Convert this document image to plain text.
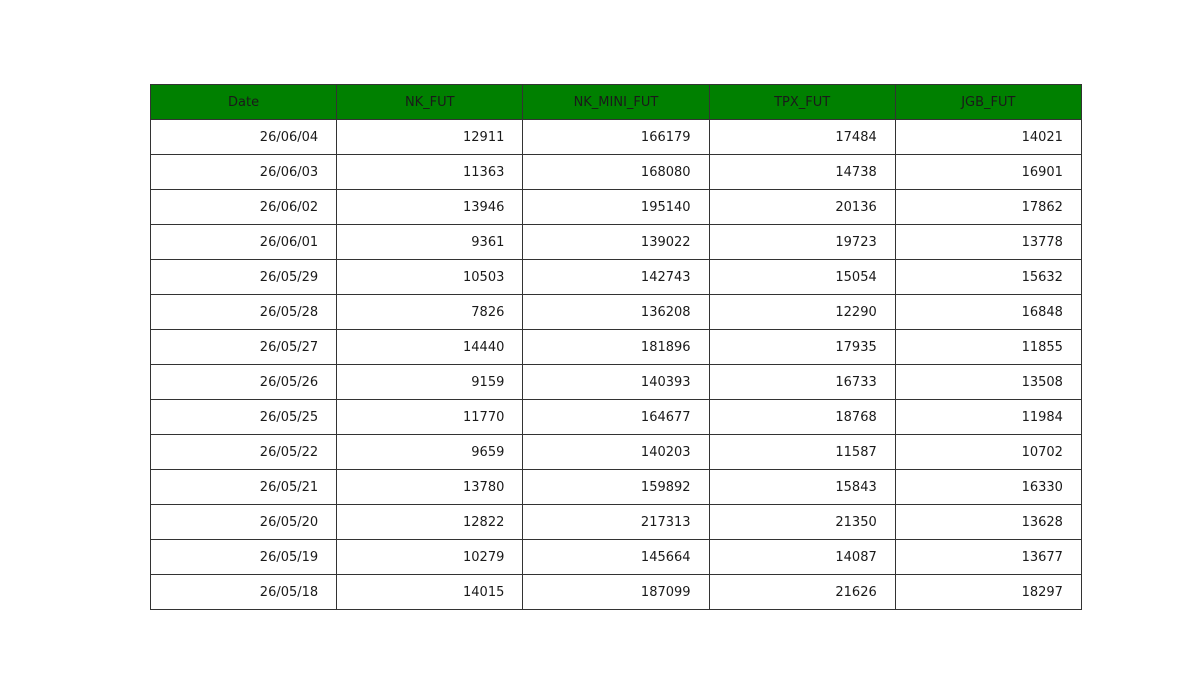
Date	NK_FUT	NK_MINI_FUT	TPX_FUT	JGB_FUT
26/06/04	12911	166179	17484	14021
26/06/03	11363	168080	14738	16901
26/06/02	13946	195140	20136	17862
26/06/01	9361	139022	19723	13778
26/05/29	10503	142743	15054	15632
26/05/28	7826	136208	12290	16848
26/05/27	14440	181896	17935	11855
26/05/26	9159	140393	16733	13508
26/05/25	11770	164677	18768	11984
26/05/22	9659	140203	11587	10702
26/05/21	13780	159892	15843	16330
26/05/20	12822	217313	21350	13628
26/05/19	10279	145664	14087	13677
26/05/18	14015	187099	21626	18297
